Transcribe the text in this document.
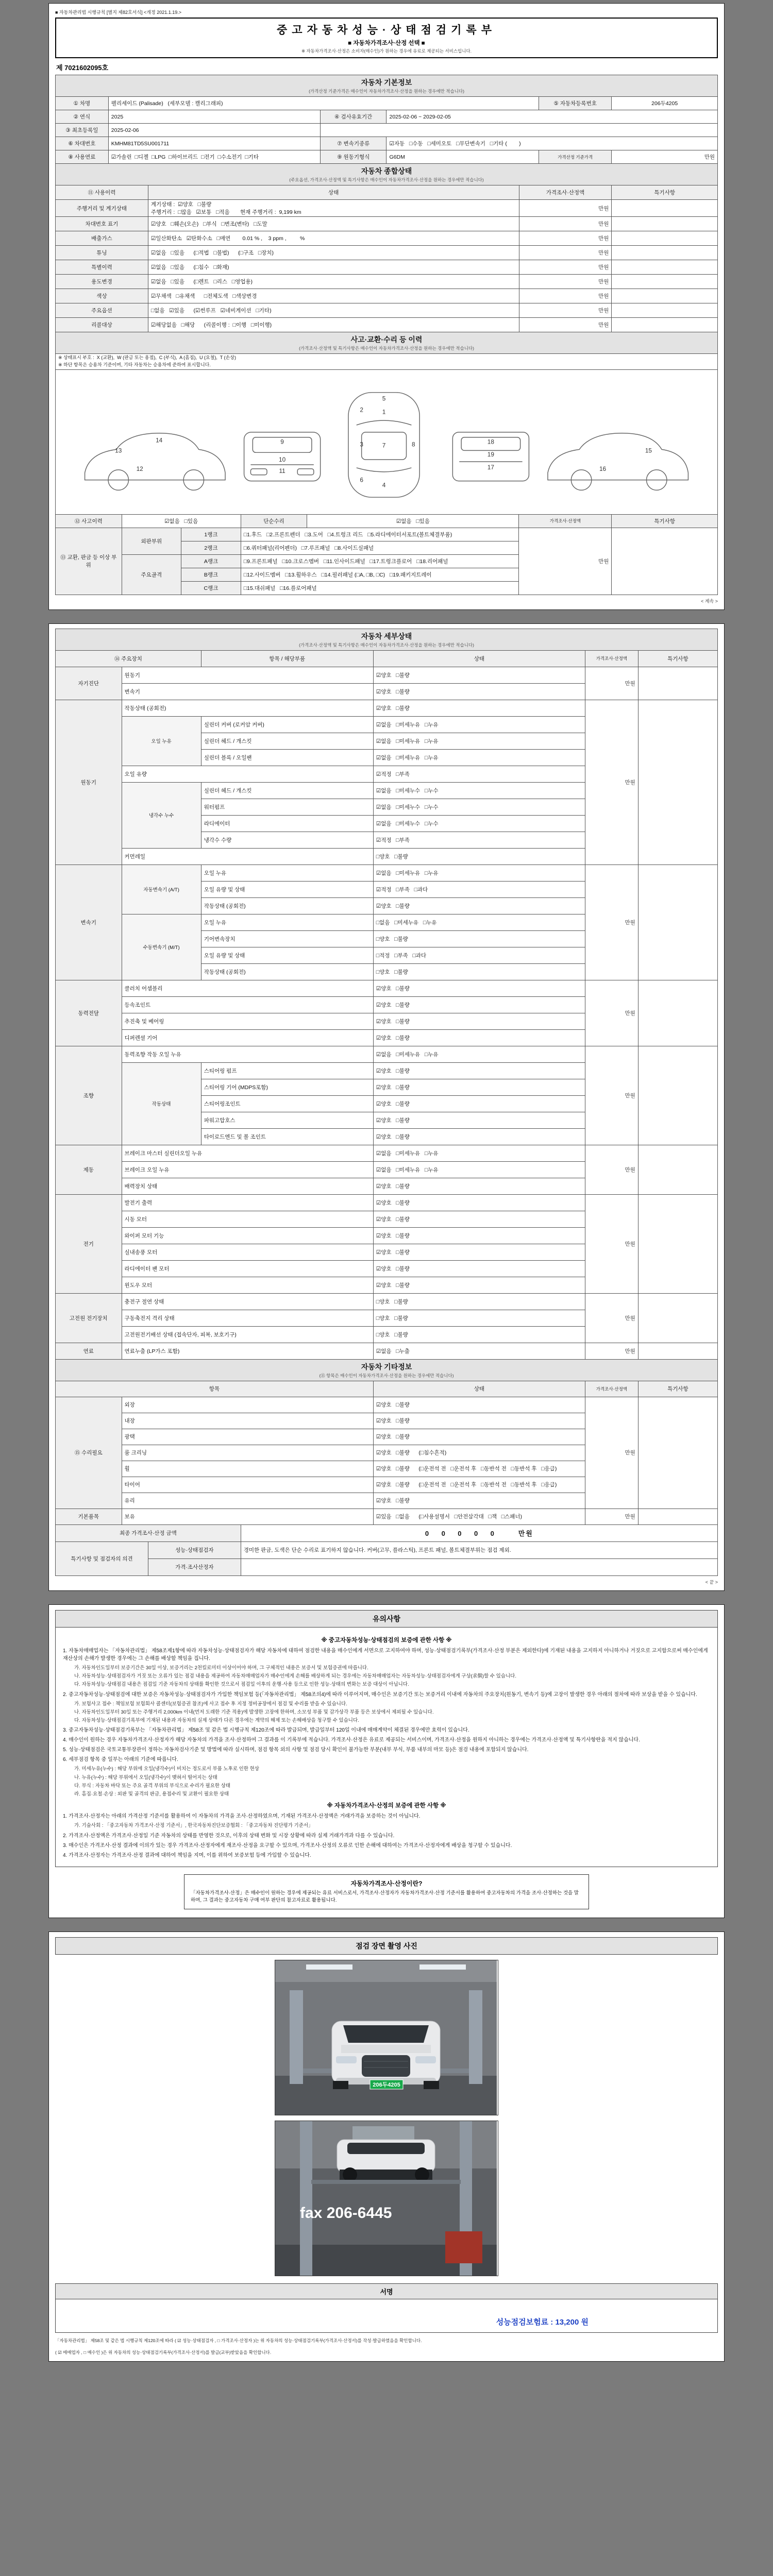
■ 자동차관리법 시행규칙 [별지 제82호서식] <개정 2021.1.19.>
중고자동차성능·상태점검기록부
■ 자동차가격조사·산정 선택 ■
※ 자동차가격조사·산정은 소비자(매수인)가 원하는 경우에 유료로 제공되는 서비스입니다.
제 7021602095호
자동차 기본정보
(가격산정 기준가격은 매수인이 자동차가격조사·산정을 원하는 경우에만 적습니다)					

① 차명	펠리세이드 (Palisade)   (세부모델 : 캘리그래피)			⑤ 자동차등록번호	206두4205
② 연식	2025	④ 검사유효기간	2025-02-06 ~ 2029-02-05		
③ 최초등록일	2025-02-06				
⑥ 차대번호	KMHM81TD5SU001711	⑦ 변속기종류	☑자동   □수동   □세미오토   □무단변속기   □기타 (        )		
⑧ 사용연료	☑가솔린  □디젤  □LPG  □하이브리드  □전기  □수소전기  □기타	⑨ 원동기형식	G6DM	가격산정 기준가격	만원
자동차 종합상태
(주요옵션, 가격조사·산정액 및 특기사항은 매수인이 자동차가격조사·산정을 원하는 경우에만 적습니다)			

⑪ 사용이력	상태	가격조사·산정액	특기사항
주행거리 및 계기상태	계기상태 :  ☑양호   □불량
주행거리 :  □많음   ☑보통   □적음       현재 주행거리 :  9,199 km	만원	
차대번호 표기	☑양호   □훼손(오손)   □부식   □변조(변타)   □도말	만원	
배출가스	☑일산화탄소   ☑탄화수소   □매연        0.01 % ,    3 ppm ,         %	만원	
튜닝	☑없음   □있음      (□적법   □불법)      (□구조   □장치)	만원	
특별이력	☑없음   □있음      (□침수   □화재)	만원	
용도변경	☑없음   □있음      (□렌트   □리스   □영업용)	만원	
색상	☑무채색   □유채색      □전체도색   □색상변경	만원	
주요옵션	□없음   ☑있음      (☑썬루프   ☑네비게이션   □기타)	만원	
리콜대상	☑해당없음   □해당      (리콜이행 :  □이행   □미이행)	만원	
사고·교환·수리 등 이력
(가격조사·산정액 및 특기사항은 매수인이 자동차가격조사·산정을 원하는 경우에만 적습니다)						

※ 상태표시 부호 :  X (교환),  W (판금 또는 용접),  C (부식),  A (흠집),  U (요철),  T (손상)
※ 하단 항목은 승용차 기준이며, 기타 자동차는 승용차에 준하여 표시합니다.						

1
2
3
4
5
6
7	8
9
10
11
12
13
14
15
16
17
18
19

⑫ 사고이력	☑없음   □있음		단순수리	☑없음   □있음	가격조사·산정액	특기사항
⑬ 교환, 판금 등 이상 부위	외판부위	1랭크	□1.후드   □2.프론트펜더   □3.도어   □4.트렁크 리드   □5.라디에이터서포트(볼트체결부품)		만원	
		2랭크	□6.쿼터패널(리어펜더)   □7.루프패널   □8.사이드실패널			
	주요골격	A랭크	□9.프론트패널   □10.크로스멤버   □11.인사이드패널   □17.트렁크플로어   □18.리어패널			
		B랭크	□12.사이드멤버   □13.휠하우스   □14.필러패널 (□A, □B, □C)   □19.패키지트레이			
		C랭크	□15.대쉬패널   □16.플로어패널			
< 계속 >
자동차 세부상태
(가격조사·산정액 및 특기사항은 매수인이 자동차가격조사·산정을 원하는 경우에만 적습니다)					

⑭ 주요장치		항목 / 해당부품	상태	가격조사·산정액	특기사항
자기진단	원동기		☑양호   □불량	만원	
	변속기		☑양호   □불량		
원동기	작동상태 (공회전)		☑양호   □불량	만원	
	오일 누유	실린더 커버 (로커암 커버)	☑없음   □미세누유   □누유		
		실린더 헤드 / 개스킷	☑없음   □미세누유   □누유		
		실린더 블록 / 오일팬	☑없음   □미세누유   □누유		
	오일 유량		☑적정   □부족		
	냉각수 누수	실린더 헤드 / 개스킷	☑없음   □미세누수   □누수		
		워터펌프	☑없음   □미세누수   □누수		
		라디에이터	☑없음   □미세누수   □누수		
		냉각수 수량	☑적정   □부족		
	커먼레일		□양호   □불량		
변속기	자동변속기 (A/T)	오일 누유	☑없음   □미세누유   □누유	만원	
		오일 유량 및 상태	☑적정   □부족   □과다		
		작동상태 (공회전)	☑양호   □불량		
	수동변속기 (M/T)	오일 누유	□없음   □미세누유   □누유		
		기어변속장치	□양호   □불량		
		오일 유량 및 상태	□적정   □부족   □과다		
		작동상태 (공회전)	□양호   □불량		
동력전달	클러치 어셈블리		☑양호   □불량	만원	
	등속조인트		☑양호   □불량		
	추진축 및 베어링		☑양호   □불량		
	디퍼렌셜 기어		☑양호   □불량		
조향	동력조향 작동 오일 누유		☑없음   □미세누유   □누유	만원	
	작동상태	스티어링 펌프	☑양호   □불량		
		스티어링 기어 (MDPS포함)	☑양호   □불량		
		스티어링조인트	☑양호   □불량		
		파워고압호스	☑양호   □불량		
		타이로드엔드 및 볼 조인트	☑양호   □불량		
제동	브레이크 마스터 실린더오일 누유		☑없음   □미세누유   □누유	만원	
	브레이크 오일 누유		☑없음   □미세누유   □누유		
	배력장치 상태		☑양호   □불량		
전기	발전기 출력		☑양호   □불량	만원	
	시동 모터		☑양호   □불량		
	와이퍼 모터 기능		☑양호   □불량		
	실내송풍 모터		☑양호   □불량		
	라디에이터 팬 모터		☑양호   □불량		
	윈도우 모터		☑양호   □불량		
고전원 전기장치	충전구 절연 상태		□양호   □불량	만원	
	구동축전지 격리 상태		□양호   □불량		
	고전원전기배선 상태 (접속단자, 피복, 보호기구)		□양호   □불량		
연료	연료누출 (LP가스 포함)		☑없음   □누출	만원	
자동차 기타정보
(⑮ 항목은 매수인이 자동차가격조사·산정을 원하는 경우에만 적습니다)				

항목		상태	가격조사·산정액	특기사항
⑮ 수리필요	외장	☑양호   □불량	만원	
	내장	☑양호   □불량		
	광택	☑양호   □불량		
	룸 크리닝	☑양호   □불량      (□침수흔적)		
	휠	☑양호   □불량      (□운전석 전   □운전석 후   □동반석 전   □동반석 후   □응급)		
	타이어	☑양호   □불량      (□운전석 전   □운전석 후   □동반석 전   □동반석 후   □응급)		
	유리	☑양호   □불량		
기본품목	보유	☑있음   □없음      (□사용설명서   □안전삼각대   □잭   □스패너)	만원	
최종 가격조사·산정 금액		0    0    0    0    0        만원
특기사항 및 점검자의 의견	성능·상태점검자	경미한 판금, 도색은 단순 수리로 표기하지 않습니다. 커버(고무, 플라스틱), 프론트 패널, 볼트체결부위는 점검 제외.
	가격·조사산정자	
< 끝 >
유의사항
※ 중고자동차성능·상태점검의 보증에 관한 사항 ※
1. 자동차매매업자는 「자동차관리법」 제58조제1항에 따라 자동차성능·상태점검자가 해당 자동차에 대하여 점검한 내용을 매수인에게 서면으로 고지하여야 하며, 성능·상태점검기록부(가격조사·산정 부분은 제외한다)에 기재된 내용을 고지하지 아니하거나 거짓으로 고지함으로써 매수인에게 재산상의 손해가 발생한 경우에는 그 손해를 배상할 책임을 집니다.
가. 자동차인도일부터 보증기간은 30일 이상, 보증거리는 2천킬로미터 이상이어야 하며, 그 구체적인 내용은 보증서 및 보험증권에 따릅니다.
나. 자동차성능·상태점검자가 거짓 또는 오류가 있는 점검 내용을 제공하여 자동차매매업자가 매수인에게 손해를 배상하게 되는 경우에는 자동차매매업자는 자동차성능·상태점검자에게 구상(求償)할 수 있습니다.
다. 자동차성능·상태점검 내용은 점검일 기준 자동차의 상태를 확인한 것으로서 점검일 이후의 운행·사용 등으로 인한 성능·상태의 변화는 보증 대상이 아닙니다.
2. 중고자동차성능·상태점검에 대한 보증은 자동차성능·상태점검자가 가입한 책임보험 등(「자동차관리법」 제58조의4)에 따라 이루어지며, 매수인은 보증기간 또는 보증거리 이내에 자동차의 주요장치(원동기, 변속기 등)에 고장이 발생한 경우 아래의 절차에 따라 보상을 받을 수 있습니다.
가. 보험사고 접수 : 책임보험 보험회사 콜센터(보험증권 참조)에 사고 접수 후 지정 정비공장에서 점검 및 수리를 받을 수 있습니다.
나. 자동차인도일부터 30일 또는 주행거리 2,000km 이내(먼저 도래한 기준 적용)에 발생한 고장에 한하며, 소모성 부품 및 감가상각 부품 등은 보상에서 제외될 수 있습니다.
다. 자동차성능·상태점검기록부에 기재된 내용과 자동차의 실제 상태가 다른 경우에는 계약의 해제 또는 손해배상을 청구할 수 있습니다.
3. 중고자동차성능·상태점검기록부는 「자동차관리법」 제58조 및 같은 법 시행규칙 제120조에 따라 발급되며, 발급일부터 120일 이내에 매매계약이 체결된 경우에만 효력이 있습니다.
4. 매수인이 원하는 경우 자동차가격조사·산정자가 해당 자동차의 가격을 조사·산정하여 그 결과를 이 기록부에 적습니다. 가격조사·산정은 유료로 제공되는 서비스이며, 가격조사·산정을 원하지 아니하는 경우에는 가격조사·산정액 및 특기사항란을 적지 않습니다.
5. 성능·상태점검은 국토교통부장관이 정하는 자동차검사기준 및 방법에 따라 실시하며, 점검 항목 외의 사항 및 점검 당시 확인이 불가능한 부분(내부 부식, 부품 내부의 마모 등)은 점검 내용에 포함되지 않습니다.
6. 세부점검 항목 중 일부는 아래의 기준에 따릅니다.
가. 미세누유(누수) : 해당 부위에 오일(냉각수)이 비치는 정도로서 부품 노후로 인한 현상
나. 누유(누수) : 해당 부위에서 오일(냉각수)이 맺혀서 떨어지는 상태
다. 부식 : 자동차 바닥 또는 주요 골격 부위의 부식으로 수리가 필요한 상태
라. 흠집·요철·손상 : 외판 및 골격의 판금, 용접수리 및 교환이 필요한 상태
※ 자동차가격조사·산정의 보증에 관한 사항 ※
1. 가격조사·산정자는 아래의 가격산정 기준서를 활용하여 이 자동차의 가격을 조사·산정하였으며, 기재된 가격조사·산정액은 거래가격을 보증하는 것이 아닙니다.
가. 기술사회 : 「중고자동차 가격조사·산정 기준서」, 한국자동차진단보증협회 : 「중고자동차 진단평가 기준서」
2. 가격조사·산정액은 가격조사·산정일 기준 자동차의 상태를 반영한 것으로, 이후의 상태 변화 및 시장 상황에 따라 실제 거래가격과 다를 수 있습니다.
3. 매수인은 가격조사·산정 결과에 이의가 있는 경우 가격조사·산정자에게 재조사·산정을 요구할 수 있으며, 가격조사·산정의 오류로 인한 손해에 대하여는 가격조사·산정자에게 배상을 청구할 수 있습니다.
4. 가격조사·산정자는 가격조사·산정 결과에 대하여 책임을 지며, 이를 위하여 보증보험 등에 가입할 수 있습니다.
자동차가격조사·산정이란?
「자동차가격조사·산정」은 매수인이 원하는 경우에 제공되는 유료 서비스로서, 가격조사·산정자가 자동차가격조사·산정 기준서를 활용하여 중고자동차의 가격을 조사·산정하는 것을 말하며, 그 결과는 중고자동차 구매 여부 판단의 참고자료로 활용됩니다.
점검 장면 촬영 사진
206두4205
fax 206-6445
서명
성능점검보험료 : 13,200 원
「자동차관리법」 제58조 및 같은 법 시행규칙 제120조에 따라 ( ☑ 성능·상태점검자 , □ 가격조사·산정자 )는 위 자동차의 성능·상태점검기록부(가격조사·산정서)를 작성·발급하였음을 확인합니다.
( ☑ 매매업자 , □ 매수인 )은 위 자동차의 성능·상태점검기록부(가격조사·산정서)를 발급(교부)받았음을 확인합니다.
